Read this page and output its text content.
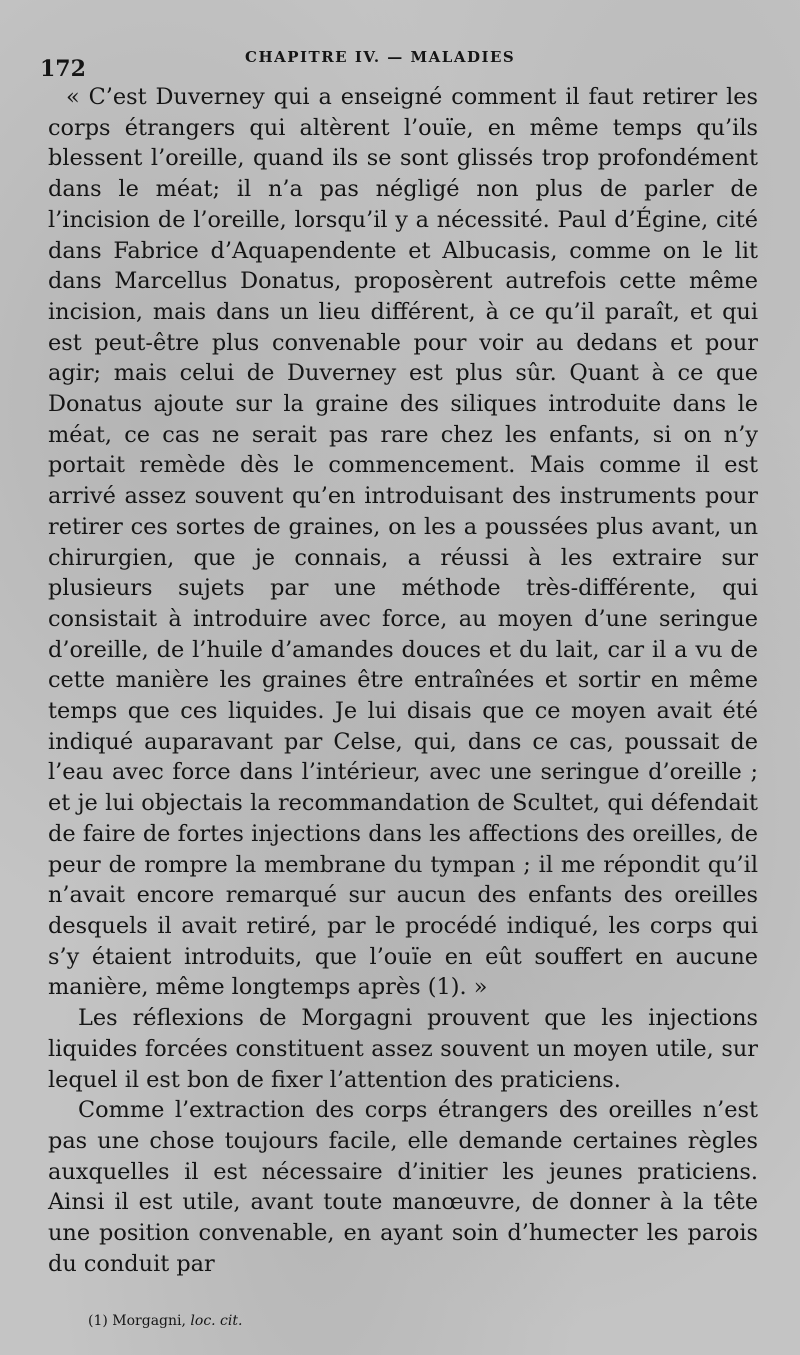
172	CHAPITRE IV. — MALADIES

« C’est Duverney qui a enseigné comment il faut retirer les corps étrangers qui altèrent l’ouïe, en même temps qu’ils blessent l’oreille, quand ils se sont glissés trop profondément dans le méat; il n’a pas négligé non plus de parler de l’incision de l’oreille, lorsqu’il y a nécessité. Paul d’Égine, cité dans Fabrice d’Aquapendente et Albucasis, comme on le lit dans Marcellus Donatus, proposèrent autrefois cette même incision, mais dans un lieu différent, à ce qu’il paraît, et qui est peut-être plus convenable pour voir au dedans et pour agir; mais celui de Duverney est plus sûr. Quant à ce que Donatus ajoute sur la graine des siliques introduite dans le méat, ce cas ne serait pas rare chez les enfants, si on n’y portait remède dès le commencement. Mais comme il est arrivé assez souvent qu’en introduisant des instruments pour retirer ces sortes de graines, on les a poussées plus avant, un chirurgien, que je connais, a réussi à les extraire sur plusieurs sujets par une méthode très-différente, qui consistait à introduire avec force, au moyen d’une seringue d’oreille, de l’huile d’amandes douces et du lait, car il a vu de cette manière les graines être entraînées et sortir en même temps que ces liquides. Je lui disais que ce moyen avait été indiqué auparavant par Celse, qui, dans ce cas, poussait de l’eau avec force dans l’intérieur, avec une seringue d’oreille ; et je lui objectais la recommandation de Scultet, qui défendait de faire de fortes injections dans les affections des oreilles, de peur de rompre la membrane du tympan ; il me répondit qu’il n’avait encore remarqué sur aucun des enfants des oreilles desquels il avait retiré, par le procédé indiqué, les corps qui s’y étaient introduits, que l’ouïe en eût souffert en aucune manière, même longtemps après (1). »

Les réflexions de Morgagni prouvent que les injections liquides forcées constituent assez souvent un moyen utile, sur lequel il est bon de fixer l’attention des praticiens.

Comme l’extraction des corps étrangers des oreilles n’est pas une chose toujours facile, elle demande certaines règles auxquelles il est nécessaire d’initier les jeunes praticiens. Ainsi il est utile, avant toute manœuvre, de donner à la tête une position convenable, en ayant soin d’humecter les parois du conduit par

(1) Morgagni, loc. cit.
